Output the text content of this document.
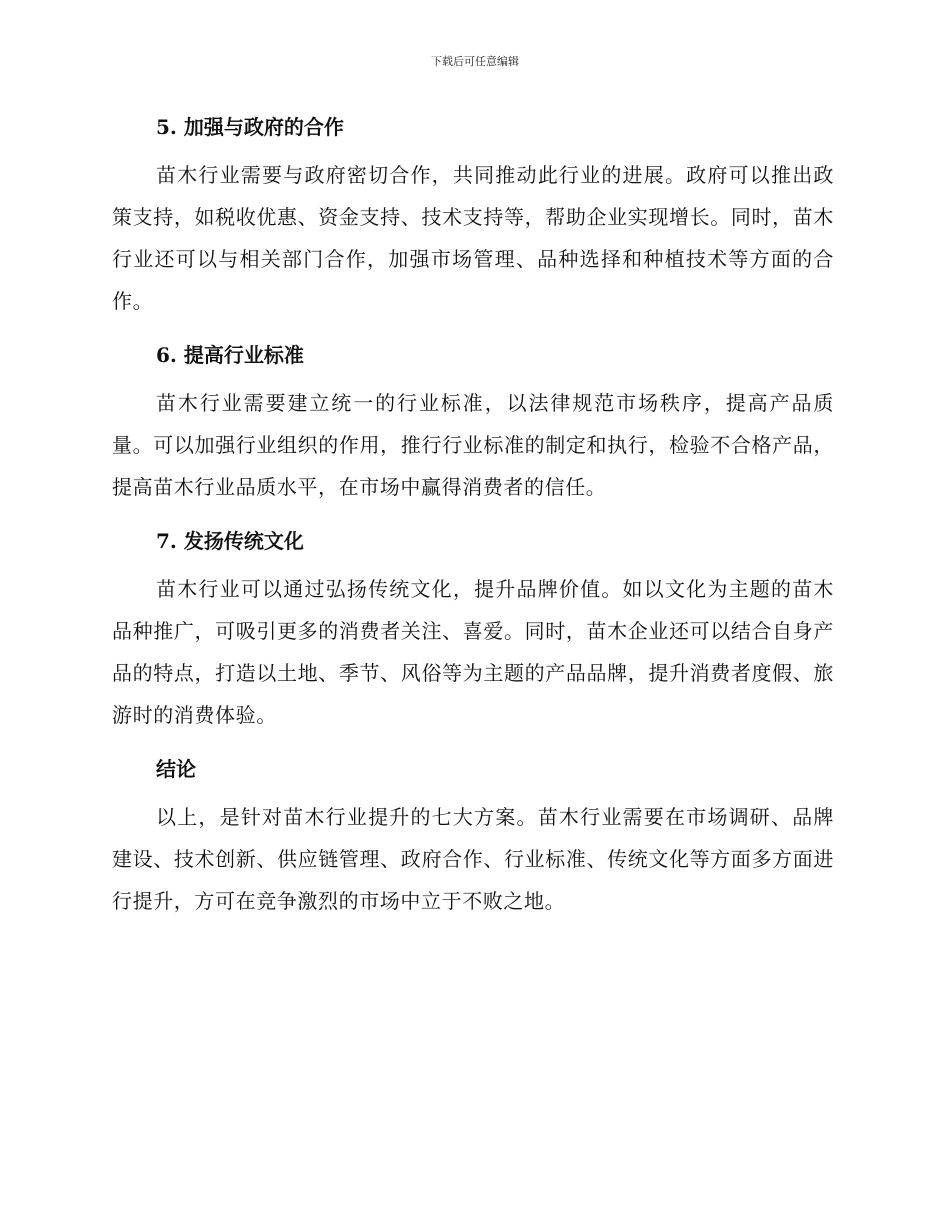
下载后可任意编辑
5. 加强与政府的合作

苗木行业需要与政府密切合作，共同推动此行业的进展。政府可以推出政策支持，如税收优惠、资金支持、技术支持等，帮助企业实现增长。同时，苗木行业还可以与相关部门合作，加强市场管理、品种选择和种植技术等方面的合作。

6. 提高行业标准

苗木行业需要建立统一的行业标准，以法律规范市场秩序，提高产品质量。可以加强行业组织的作用，推行行业标准的制定和执行，检验不合格产品，提高苗木行业品质水平，在市场中赢得消费者的信任。

7. 发扬传统文化

苗木行业可以通过弘扬传统文化，提升品牌价值。如以文化为主题的苗木品种推广，可吸引更多的消费者关注、喜爱。同时，苗木企业还可以结合自身产品的特点，打造以土地、季节、风俗等为主题的产品品牌，提升消费者度假、旅游时的消费体验。

结论

以上，是针对苗木行业提升的七大方案。苗木行业需要在市场调研、品牌建设、技术创新、供应链管理、政府合作、行业标准、传统文化等方面多方面进行提升，方可在竞争激烈的市场中立于不败之地。
